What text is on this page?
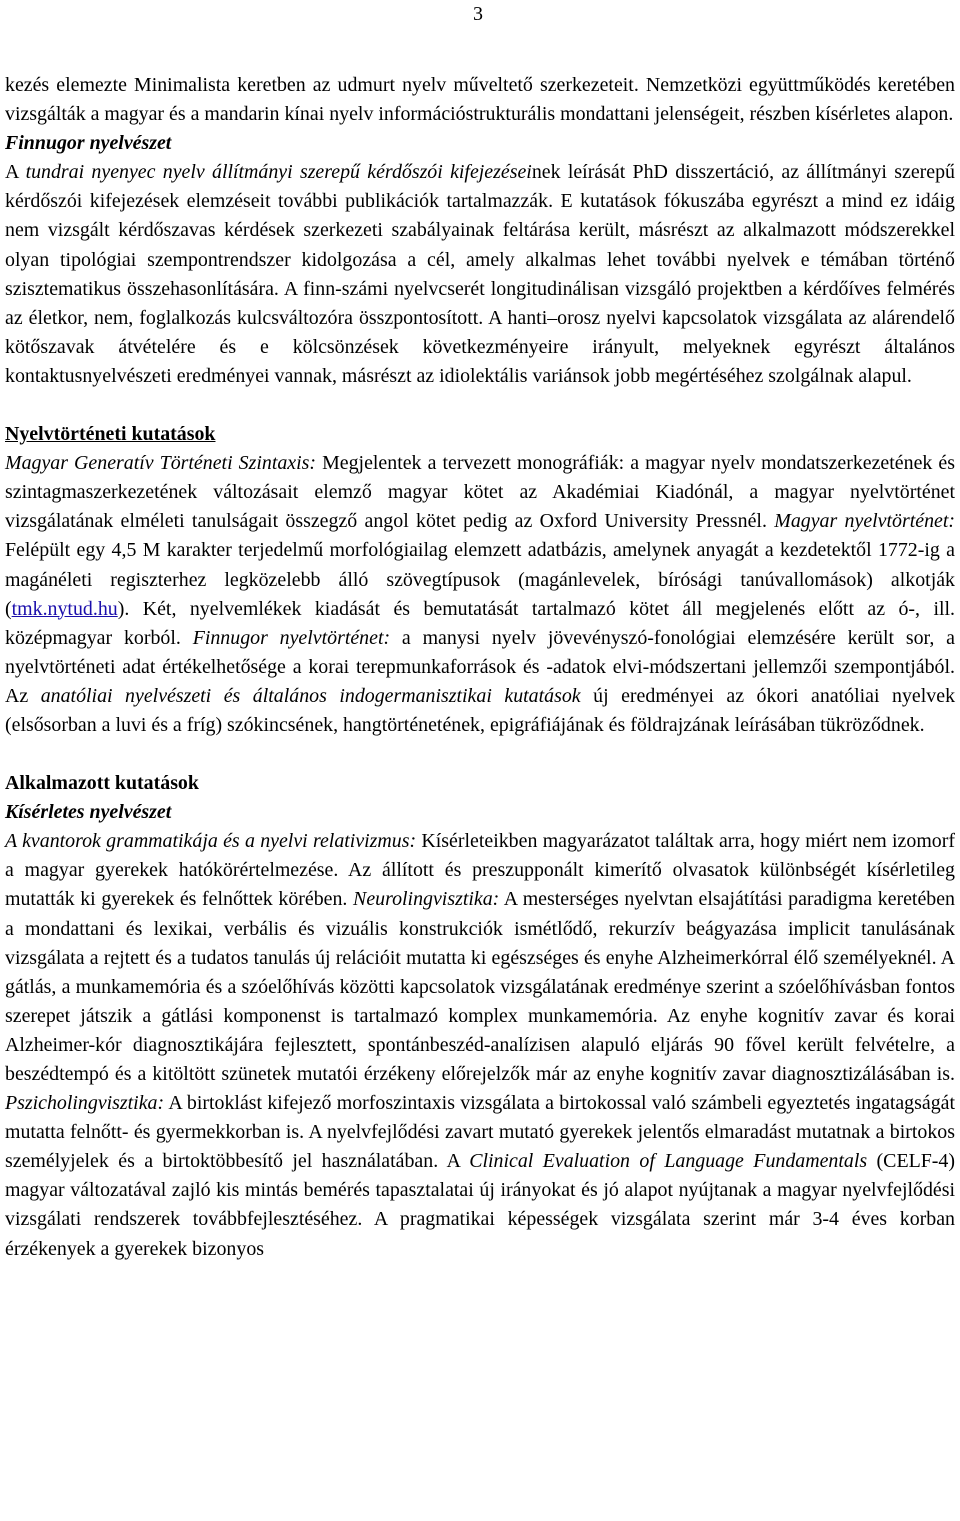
3

kezés elemezte Minimalista keretben az udmurt nyelv műveltető szerkezeteit. Nemzetközi együttműködés keretében vizsgálták a magyar és a mandarin kínai nyelv információstrukturális mondattani jelenségeit, részben kísérletes alapon.

Finnugor nyelvészet

A tundrai nyenyec nyelv állítmányi szerepű kérdőszói kifejezéseinek leírását PhD disszertáció, az állítmányi szerepű kérdőszói kifejezések elemzéseit további publikációk tartalmazzák. E kutatások fókuszába egyrészt a mind ez idáig nem vizsgált kérdőszavas kérdések szerkezeti szabályainak feltárása került, másrészt az alkalmazott módszerekkel olyan tipológiai szempontrendszer kidolgozása a cél, amely alkalmas lehet további nyelvek e témában történő szisztematikus összehasonlítására. A finn-számi nyelvcserét longitudinálisan vizsgáló projektben a kérdőíves felmérés az életkor, nem, foglalkozás kulcsváltozóra összpontosított. A hanti–orosz nyelvi kapcsolatok vizsgálata az alárendelő kötőszavak átvételére és e kölcsönzések következményeire irányult, melyeknek egyrészt általános kontaktusnyelvészeti eredményei vannak, másrészt az idiolektális variánsok jobb megértéséhez szolgálnak alapul.

Nyelvtörténeti kutatások

Magyar Generatív Történeti Szintaxis: Megjelentek a tervezett monográfiák: a magyar nyelv mondatszerkezetének és szintagmaszerkezetének változásait elemző magyar kötet az Akadémiai Kiadónál, a magyar nyelvtörténet vizsgálatának elméleti tanulságait összegző angol kötet pedig az Oxford University Pressnél. Magyar nyelvtörténet: Felépült egy 4,5 M karakter terjedelmű morfológiailag elemzett adatbázis, amelynek anyagát a kezdetektől 1772-ig a magánéleti regiszterhez legközelebb álló szövegtípusok (magánlevelek, bírósági tanúvallomások) alkotják (tmk.nytud.hu). Két, nyelvemlékek kiadását és bemutatását tartalmazó kötet áll megjelenés előtt az ó-, ill. középmagyar korból. Finnugor nyelvtörténet: a manysi nyelv jövevényszó-fonológiai elemzésére került sor, a nyelvtörténeti adat értékelhetősége a korai terepmunkaforrások és -adatok elvi-módszertani jellemzői szempontjából. Az anatóliai nyelvészeti és általános indogermanisztikai kutatások új eredményei az ókori anatóliai nyelvek (elsősorban a luvi és a fríg) szókincsének, hangtörténetének, epigráfiájának és földrajzának leírásában tükröződnek.

Alkalmazott kutatások
Kísérletes nyelvészet

A kvantorok grammatikája és a nyelvi relativizmus: Kísérleteikben magyarázatot találtak arra, hogy miért nem izomorf a magyar gyerekek hatókörértelmezése. Az állított és preszupponált kimerítő olvasatok különbségét kísérletileg mutatták ki gyerekek és felnőttek körében. Neurolingvisztika: A mesterséges nyelvtan elsajátítási paradigma keretében a mondattani és lexikai, verbális és vizuális konstrukciók ismétlődő, rekurzív beágyazása implicit tanulásának vizsgálata a rejtett és a tudatos tanulás új relációit mutatta ki egészséges és enyhe Alzheimerkórral élő személyeknél. A gátlás, a munkamemória és a szóelőhívás közötti kapcsolatok vizsgálatának eredménye szerint a szóelőhívásban fontos szerepet játszik a gátlási komponenst is tartalmazó komplex munkamemória. Az enyhe kognitív zavar és korai Alzheimer-kór diagnosztikájára fejlesztett, spontánbeszéd-analízisen alapuló eljárás 90 fővel került felvételre, a beszédtempó és a kitöltött szünetek mutatói érzékeny előrejelzők már az enyhe kognitív zavar diagnosztizálásában is. Pszicholingvisztika: A birtoklást kifejező morfoszintaxis vizsgálata a birtokossal való számbeli egyeztetés ingatagságát mutatta felnőtt- és gyermekkorban is. A nyelvfejlődési zavart mutató gyerekek jelentős elmaradást mutatnak a birtokos személyjelek és a birtoktöbbesítő jel használatában. A Clinical Evaluation of Language Fundamentals (CELF-4) magyar változatával zajló kis mintás bemérés tapasztalatai új irányokat és jó alapot nyújtanak a magyar nyelvfejlődési vizsgálati rendszerek továbbfejlesztéséhez. A pragmatikai képességek vizsgálata szerint már 3-4 éves korban érzékenyek a gyerekek bizonyos
